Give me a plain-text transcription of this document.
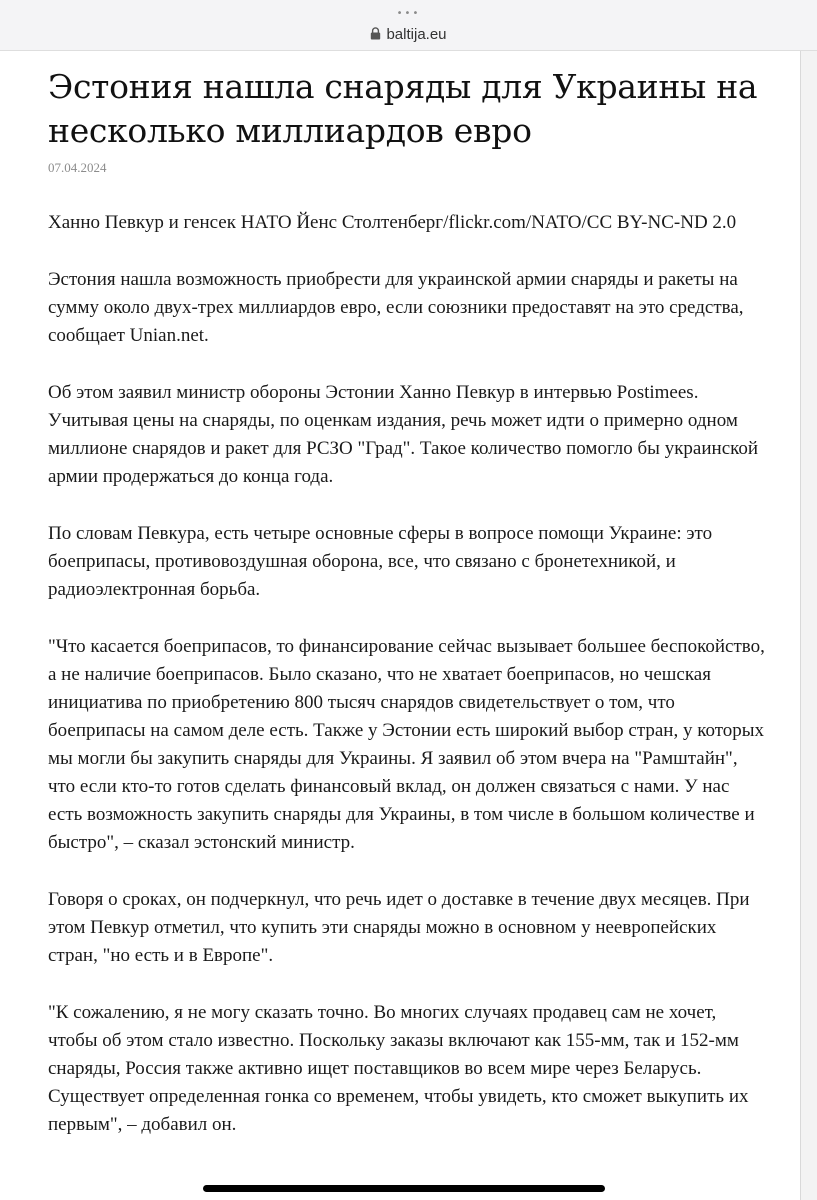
•••
baltija.eu
Эстония нашла снаряды для Украины на несколько миллиардов евро
07.04.2024

Ханно Певкур и генсек НАТО Йенс Столтенберг/flickr.com/NATO/CC BY-NC-ND 2.0

Эстония нашла возможность приобрести для украинской армии снаряды и ракеты на сумму около двух-трех миллиардов евро, если союзники предоставят на это средства, сообщает Unian.net.

Об этом заявил министр обороны Эстонии Ханно Певкур в интервью Postimees. Учитывая цены на снаряды, по оценкам издания, речь может идти о примерно одном миллионе снарядов и ракет для РСЗО "Град". Такое количество помогло бы украинской армии продержаться до конца года.

По словам Певкура, есть четыре основные сферы в вопросе помощи Украине: это боеприпасы, противовоздушная оборона, все, что связано с бронетехникой, и радиоэлектронная борьба.

"Что касается боеприпасов, то финансирование сейчас вызывает большее беспокойство, а не наличие боеприпасов. Было сказано, что не хватает боеприпасов, но чешская инициатива по приобретению 800 тысяч снарядов свидетельствует о том, что боеприпасы на самом деле есть. Также у Эстонии есть широкий выбор стран, у которых мы могли бы закупить снаряды для Украины. Я заявил об этом вчера на "Рамштайн", что если кто-то готов сделать финансовый вклад, он должен связаться с нами. У нас есть возможность закупить снаряды для Украины, в том числе в большом количестве и быстро", – сказал эстонский министр.

Говоря о сроках, он подчеркнул, что речь идет о доставке в течение двух месяцев. При этом Певкур отметил, что купить эти снаряды можно в основном у неевропейских стран, "но есть и в Европе".

"К сожалению, я не могу сказать точно. Во многих случаях продавец сам не хочет, чтобы об этом стало известно. Поскольку заказы включают как 155-мм, так и 152-мм снаряды, Россия также активно ищет поставщиков во всем мире через Беларусь. Существует определенная гонка со временем, чтобы увидеть, кто сможет выкупить их первым", – добавил он.
